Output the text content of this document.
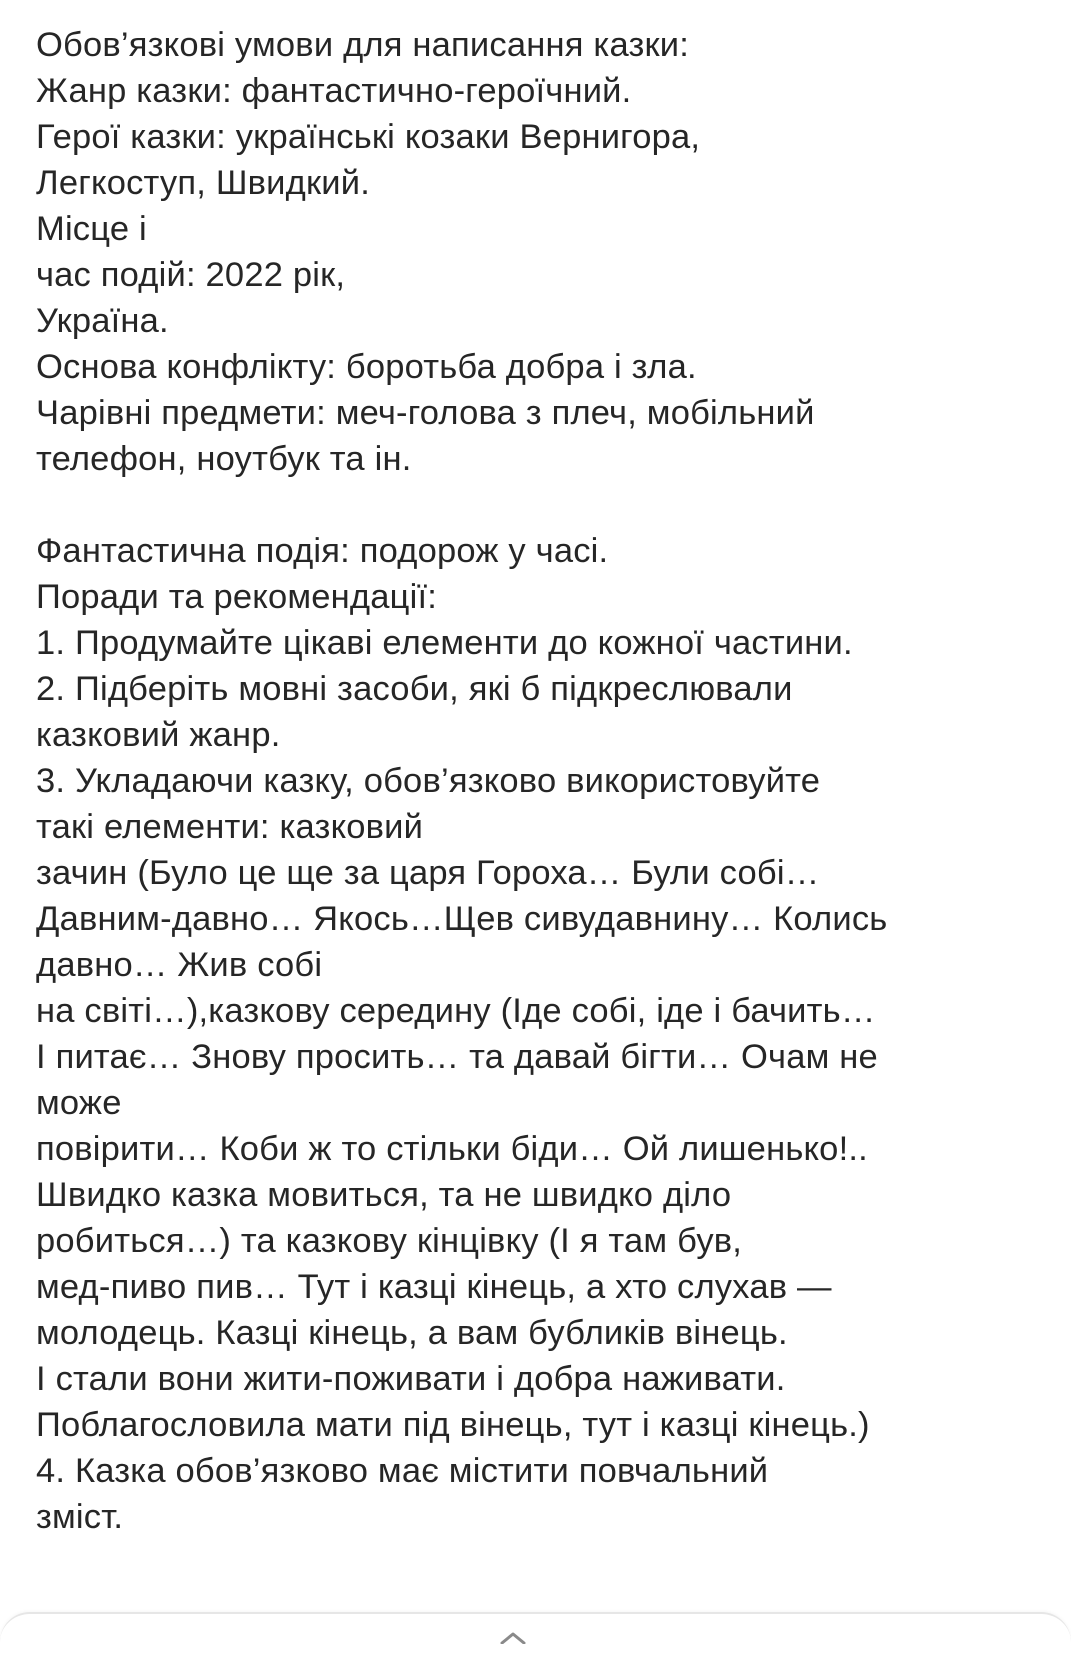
Обов’язкові умови для написання казки:
Жанр казки: фантастично-героїчний.
Герої казки: українські козаки Вернигора,
Легкоступ, Швидкий.
Місце і
час подій: 2022 рік,
Україна.
Основа конфлікту: боротьба добра і зла.
Чарівні предмети: меч-голова з плеч, мобільний
телефон, ноутбук та ін.
Фантастична подія: подорож у часі.
Поради та рекомендації:
1. Продумайте цікаві елементи до кожної частини.
2. Підберіть мовні засоби, які б підкреслювали
казковий жанр.
3. Укладаючи казку, обов’язково використовуйте
такі елементи: казковий
зачин (Було це ще за царя Гороха… Були собі…
Давним-давно… Якось…Щев сивудавнину… Колись
давно… Жив собі
на світі…),казкову середину (Іде собі, іде і бачить…
І питає… Знову просить… та давай бігти… Очам не
може
повірити… Коби ж то стільки біди… Ой лишенько!..
Швидко казка мовиться, та не швидко діло
робиться…) та казкову кінцівку (І я там був,
мед-пиво пив… Тут і казці кінець, а хто слухав —
молодець. Казці кінець, а вам бубликів вінець.
І стали вони жити-поживати і добра наживати.
Поблагословила мати під вінець, тут і казці кінець.)
4. Казка обов’язково має містити повчальний
зміст.
